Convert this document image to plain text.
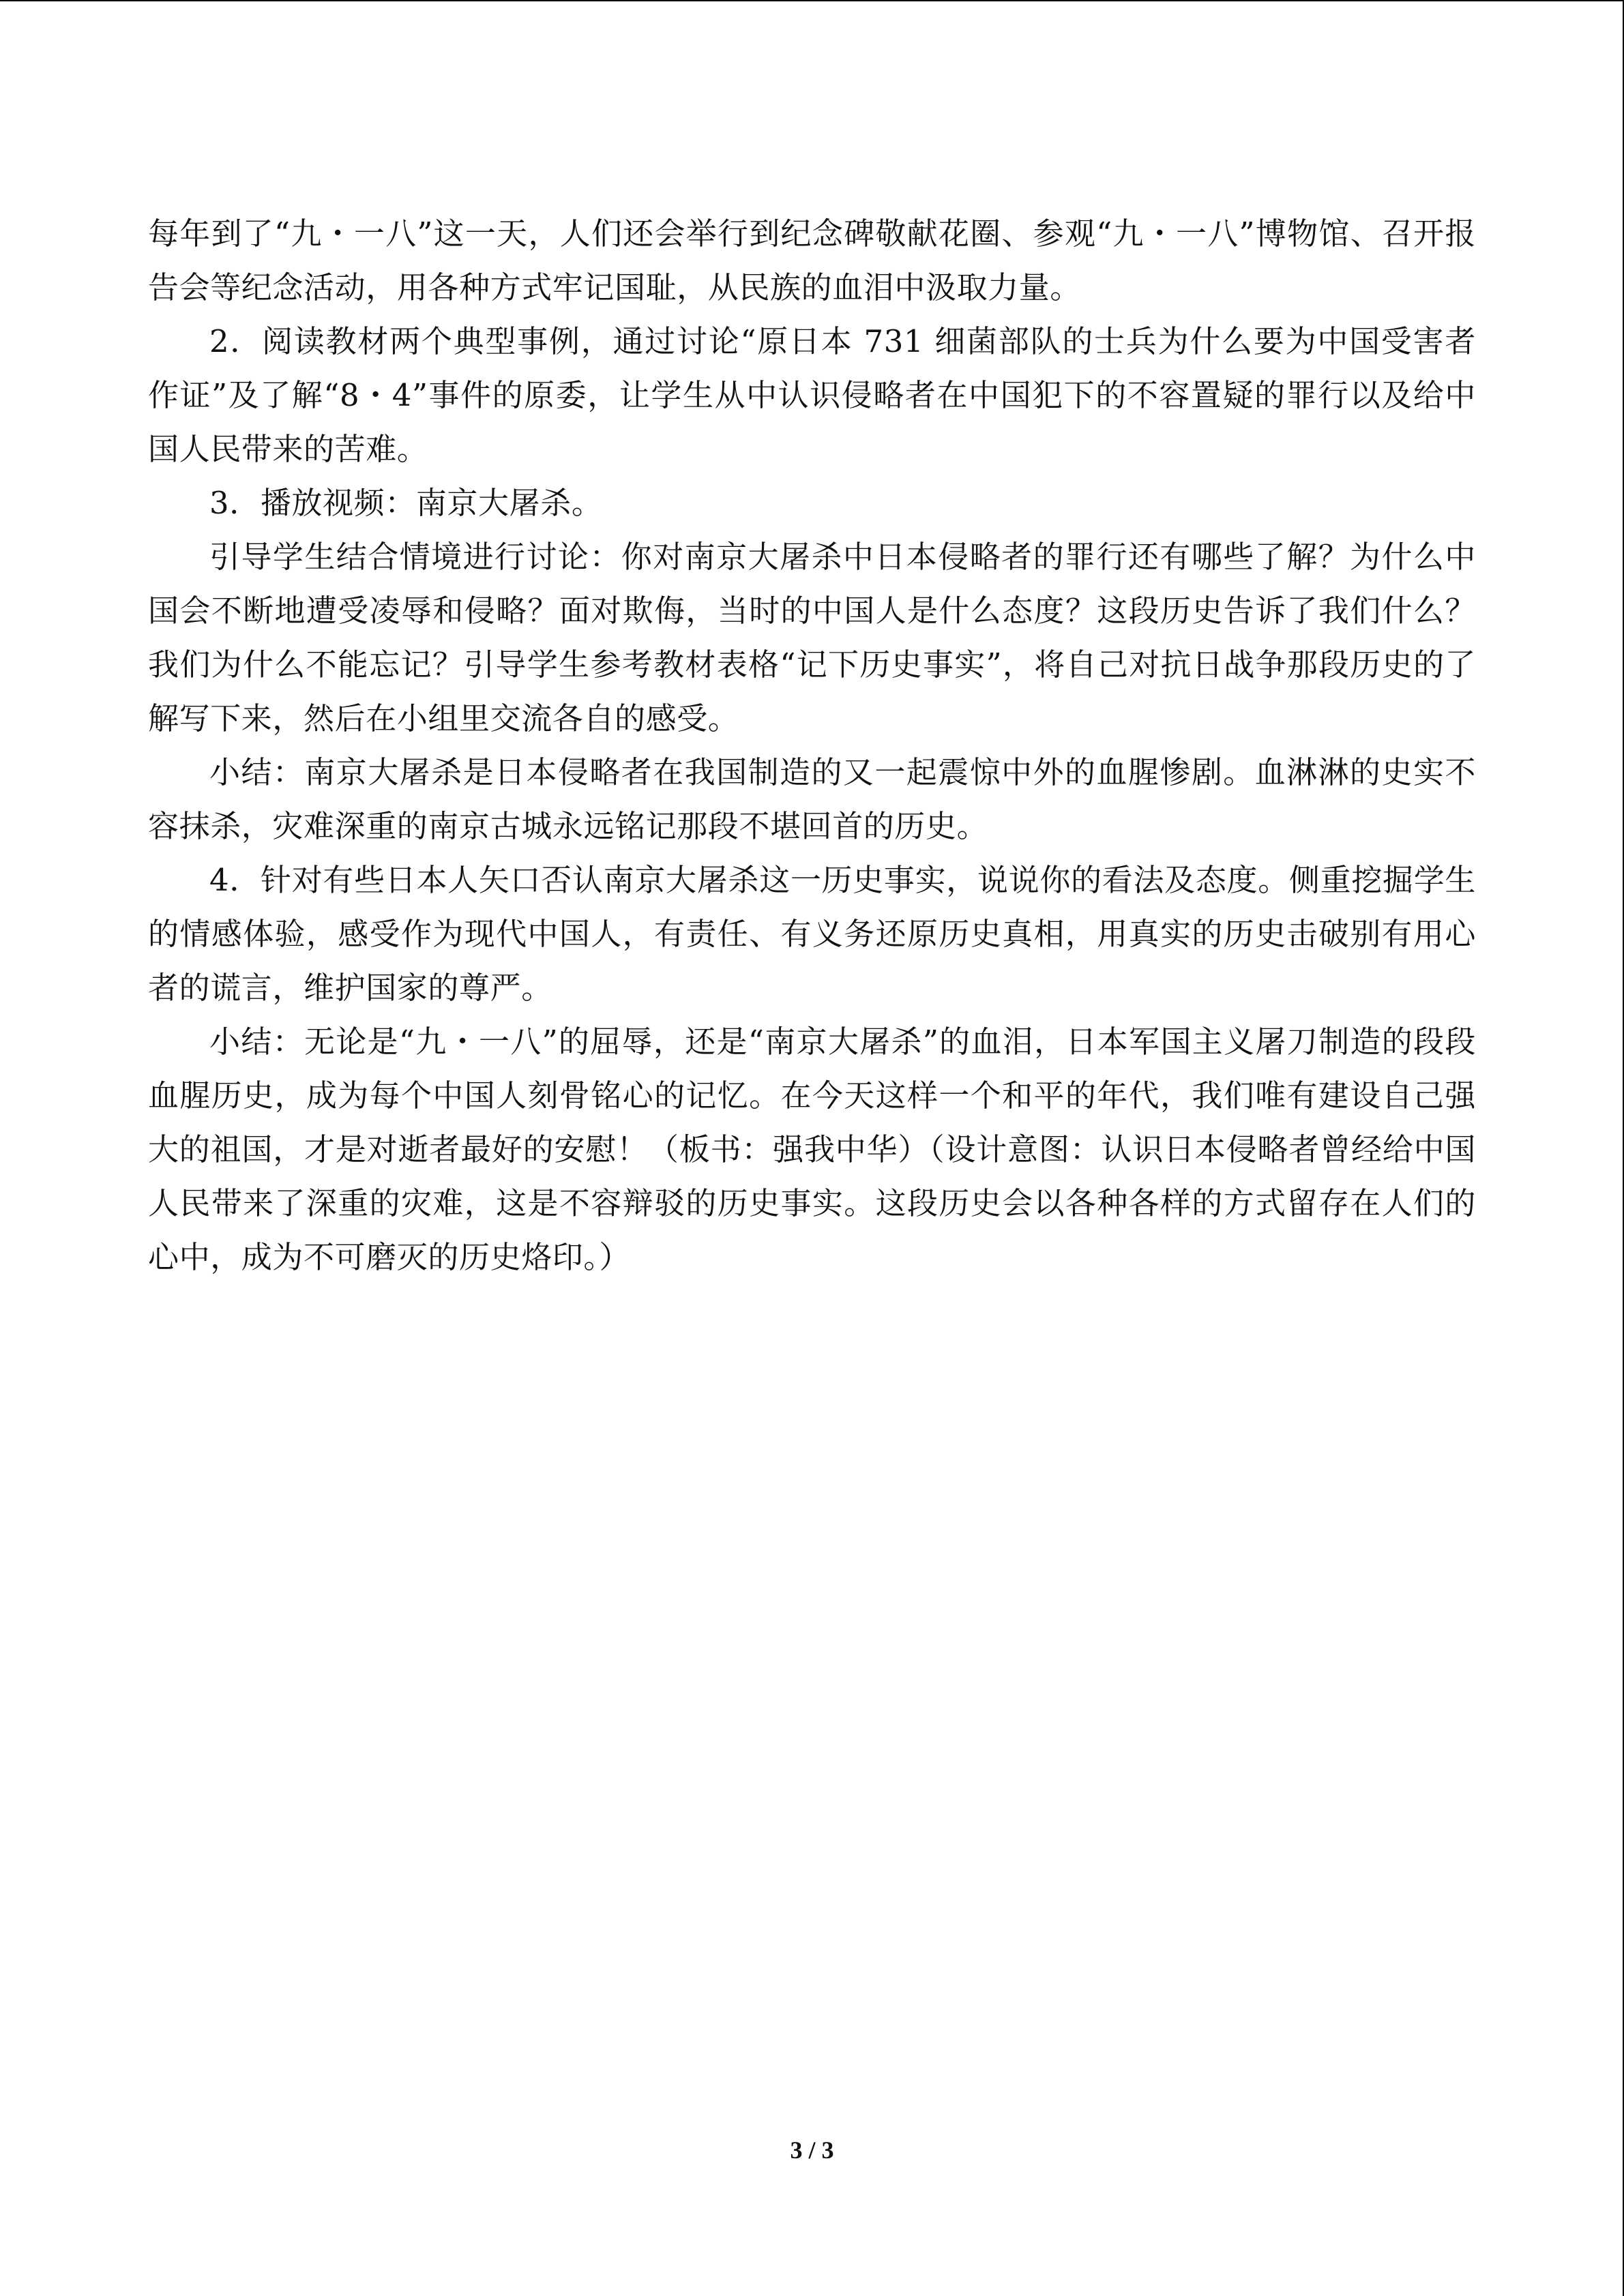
每年到了“九・一八”这一天，人们还会举行到纪念碑敬献花圈、参观“九・一八”博物馆、召开报告会等纪念活动，用各种方式牢记国耻，从民族的血泪中汲取力量。

2．阅读教材两个典型事例，通过讨论“原日本 731 细菌部队的士兵为什么要为中国受害者作证”及了解“8・4”事件的原委，让学生从中认识侵略者在中国犯下的不容置疑的罪行以及给中国人民带来的苦难。

3．播放视频：南京大屠杀。

引导学生结合情境进行讨论：你对南京大屠杀中日本侵略者的罪行还有哪些了解？为什么中国会不断地遭受凌辱和侵略？面对欺侮，当时的中国人是什么态度？这段历史告诉了我们什么？我们为什么不能忘记？引导学生参考教材表格“记下历史事实”，将自己对抗日战争那段历史的了解写下来，然后在小组里交流各自的感受。

小结：南京大屠杀是日本侵略者在我国制造的又一起震惊中外的血腥惨剧。血淋淋的史实不容抹杀，灾难深重的南京古城永远铭记那段不堪回首的历史。

4．针对有些日本人矢口否认南京大屠杀这一历史事实，说说你的看法及态度。侧重挖掘学生的情感体验，感受作为现代中国人，有责任、有义务还原历史真相，用真实的历史击破别有用心者的谎言，维护国家的尊严。

小结：无论是“九・一八”的屈辱，还是“南京大屠杀”的血泪，日本军国主义屠刀制造的段段血腥历史，成为每个中国人刻骨铭心的记忆。在今天这样一个和平的年代，我们唯有建设自己强大的祖国，才是对逝者最好的安慰！（板书：强我中华）（设计意图：认识日本侵略者曾经给中国人民带来了深重的灾难，这是不容辩驳的历史事实。这段历史会以各种各样的方式留存在人们的心中，成为不可磨灭的历史烙印。）

3 / 3
